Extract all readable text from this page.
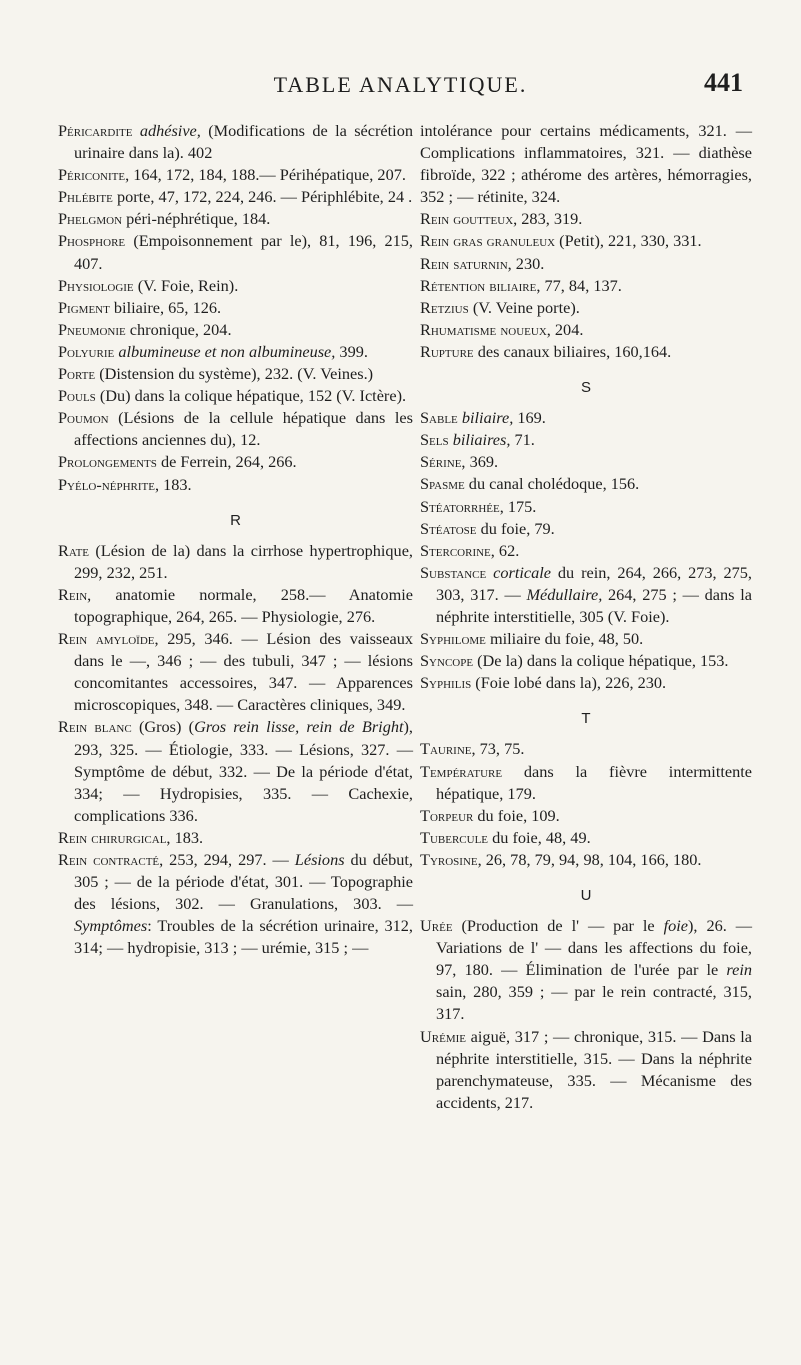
TABLE ANALYTIQUE.	441

Péricardite adhésive, (Modifications de la sécrétion urinaire dans la). 402

Périconite, 164, 172, 184, 188.— Périhépatique, 207.

Phlébite porte, 47, 172, 224, 246. — Périphlébite, 24 .

Phelgmon péri-néphrétique, 184.

Phosphore (Empoisonnement par le), 81, 196, 215, 407.

Physiologie (V. Foie, Rein).

Pigment biliaire, 65, 126.

Pneumonie chronique, 204.

Polyurie albumineuse et non albumineuse, 399.

Porte (Distension du système), 232. (V. Veines.)

Pouls (Du) dans la colique hépatique, 152 (V. Ictère).

Poumon (Lésions de la cellule hépatique dans les affections anciennes du), 12.

Prolongements de Ferrein, 264, 266.

Pyélo-néphrite, 183.

R

Rate (Lésion de la) dans la cirrhose hypertrophique, 299, 232, 251.

Rein, anatomie normale, 258.— Anatomie topographique, 264, 265. — Physiologie, 276.

Rein amyloïde, 295, 346. — Lésion des vaisseaux dans le —, 346 ; — des tubuli, 347 ; — lésions concomitantes accessoires, 347. — Apparences microscopiques, 348. — Caractères cliniques, 349.

Rein blanc (Gros) (Gros rein lisse, rein de Bright), 293, 325. — Étiologie, 333. — Lésions, 327. — Symptôme de début, 332. — De la période d'état, 334; — Hydropisies, 335. — Cachexie, complications 336.

Rein chirurgical, 183.

Rein contracté, 253, 294, 297. — Lésions du début, 305 ; — de la période d'état, 301. — Topographie des lésions, 302. — Granulations, 303. — Symptômes: Troubles de la sécrétion urinaire, 312, 314; — hydropisie, 313 ; — urémie, 315 ; —

intolérance pour certains médicaments, 321. — Complications inflammatoires, 321. — diathèse fibroïde, 322 ; athérome des artères, hémorragies, 352 ; — rétinite, 324.

Rein goutteux, 283, 319.

Rein gras granuleux (Petit), 221, 330, 331.

Rein saturnin, 230.

Rétention biliaire, 77, 84, 137.

Retzius (V. Veine porte).

Rhumatisme noueux, 204.

Rupture des canaux biliaires, 160,164.

S

Sable biliaire, 169.

Sels biliaires, 71.

Sérine, 369.

Spasme du canal cholédoque, 156.

Stéatorrhée, 175.

Stéatose du foie, 79.

Stercorine, 62.

Substance corticale du rein, 264, 266, 273, 275, 303, 317. — Médullaire, 264, 275 ; — dans la néphrite interstitielle, 305 (V. Foie).

Syphilome miliaire du foie, 48, 50.

Syncope (De la) dans la colique hépatique, 153.

Syphilis (Foie lobé dans la), 226, 230.

T

Taurine, 73, 75.

Température dans la fièvre intermittente hépatique, 179.

Torpeur du foie, 109.

Tubercule du foie, 48, 49.

Tyrosine, 26, 78, 79, 94, 98, 104, 166, 180.

U

Urée (Production de l' — par le foie), 26. — Variations de l' — dans les affections du foie, 97, 180. — Élimination de l'urée par le rein sain, 280, 359 ; — par le rein contracté, 315, 317.

Urémie aiguë, 317 ; — chronique, 315. — Dans la néphrite interstitielle, 315. — Dans la néphrite parenchymateuse, 335. — Mécanisme des accidents, 217.
